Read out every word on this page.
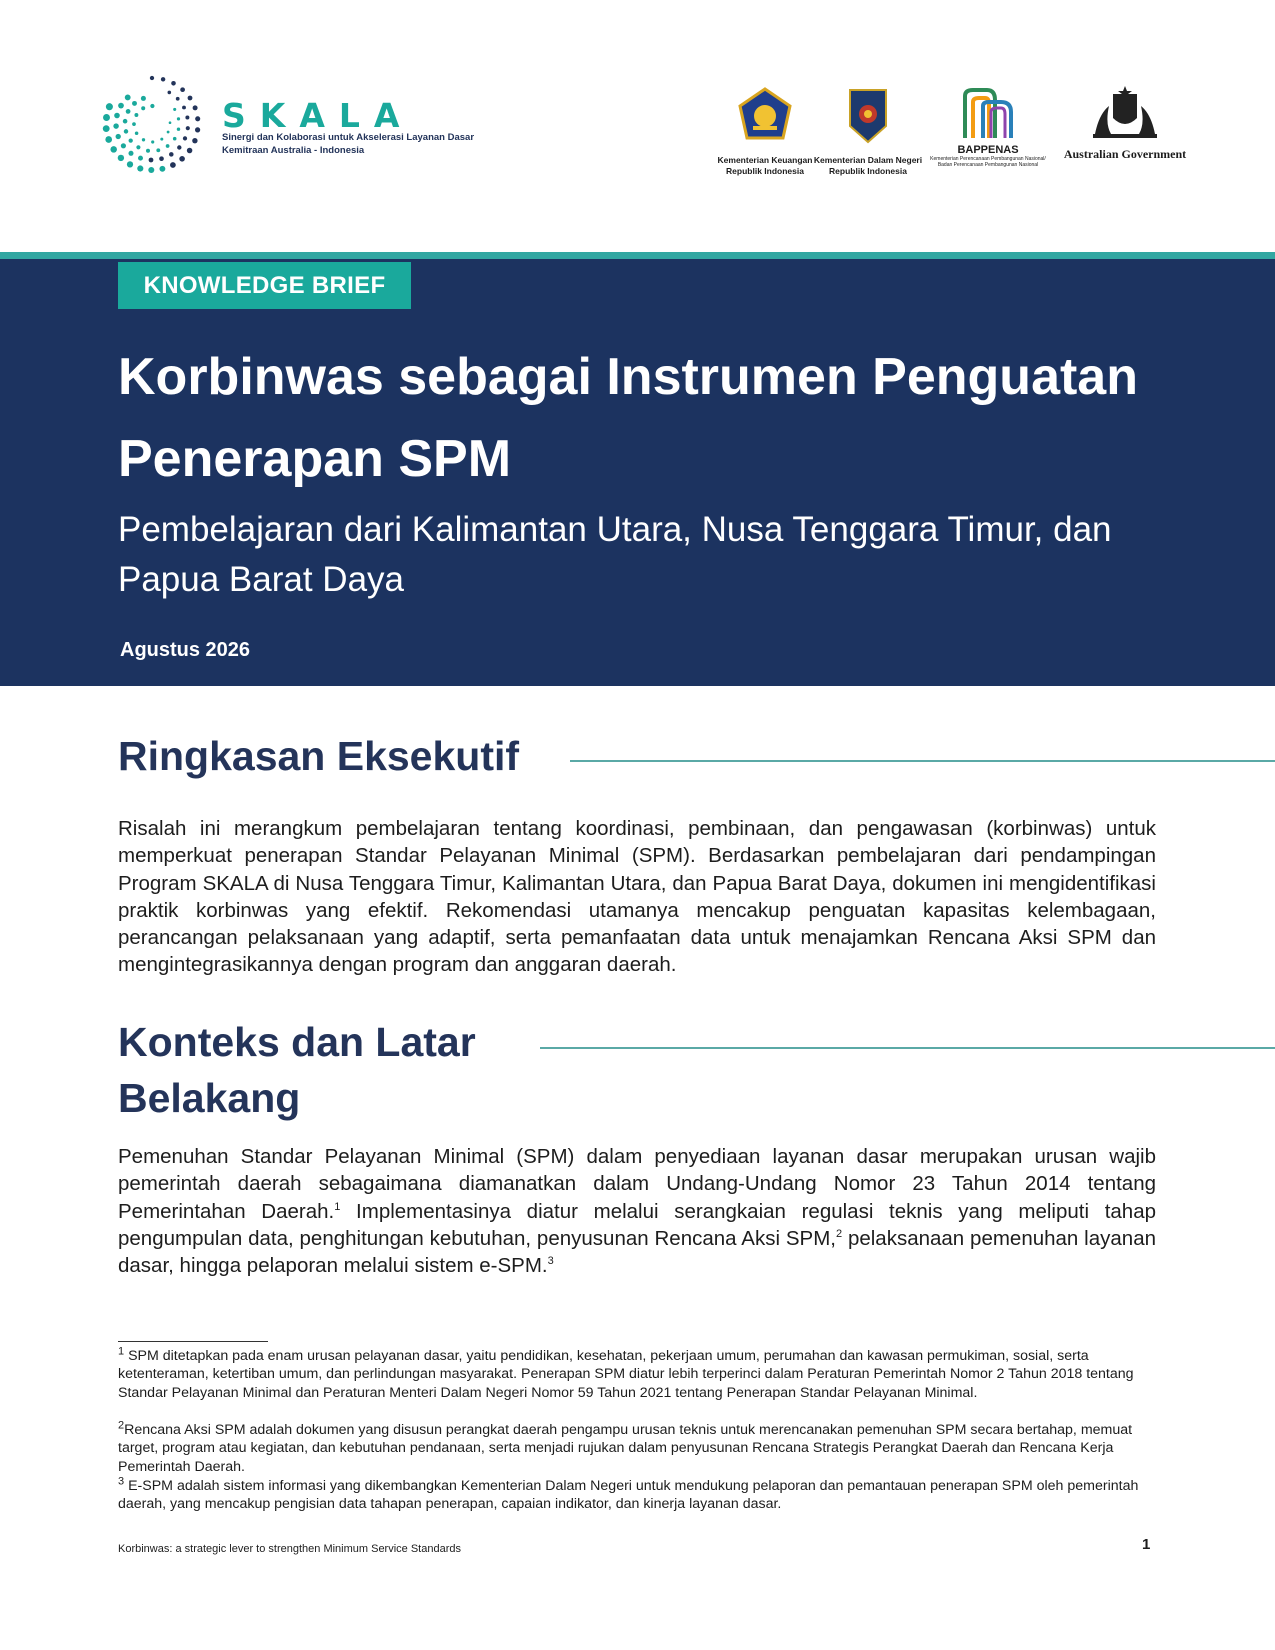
SKALA
Sinergi dan Kolaborasi untuk Akselerasi Layanan Dasar
Kemitraan Australia - Indonesia
Kementerian Keuangan
Republik Indonesia
Kementerian Dalam Negeri
Republik Indonesia
BAPPENAS
Kementerian Perencanaan Pembangunan Nasional/
Badan Perencanaan Pembangunan Nasional
Australian Government
KNOWLEDGE BRIEF
Korbinwas sebagai Instrumen Penguatan Penerapan SPM

Pembelajaran dari Kalimantan Utara, Nusa Tenggara Timur, dan Papua Barat Daya

Agustus 2026
Ringkasan Eksekutif

Risalah ini merangkum pembelajaran tentang koordinasi, pembinaan, dan pengawasan (korbinwas) untuk memperkuat penerapan Standar Pelayanan Minimal (SPM). Berdasarkan pembelajaran dari pendampingan Program SKALA di Nusa Tenggara Timur, Kalimantan Utara, dan Papua Barat Daya, dokumen ini mengidentifikasi praktik korbinwas yang efektif. Rekomendasi utamanya mencakup penguatan kapasitas kelembagaan, perancangan pelaksanaan yang adaptif, serta pemanfaatan data untuk menajamkan Rencana Aksi SPM dan mengintegrasikannya dengan program dan anggaran daerah.

Konteks dan Latar
Belakang

Pemenuhan Standar Pelayanan Minimal (SPM) dalam penyediaan layanan dasar merupakan urusan wajib pemerintah daerah sebagaimana diamanatkan dalam Undang-Undang Nomor 23 Tahun 2014 tentang Pemerintahan Daerah.$^1$ Implementasinya diatur melalui serangkaian regulasi teknis yang meliputi tahap pengumpulan data, penghitungan kebutuhan, penyusunan Rencana Aksi SPM,$^2$ pelaksanaan pemenuhan layanan dasar, hingga pelaporan melalui sistem e-SPM.$^3$

$^1$ SPM ditetapkan pada enam urusan pelayanan dasar, yaitu pendidikan, kesehatan, pekerjaan umum, perumahan dan kawasan permukiman, sosial, serta ketenteraman, ketertiban umum, dan perlindungan masyarakat. Penerapan SPM diatur lebih terperinci dalam Peraturan Pemerintah Nomor 2 Tahun 2018 tentang Standar Pelayanan Minimal dan Peraturan Menteri Dalam Negeri Nomor 59 Tahun 2021 tentang Penerapan Standar Pelayanan Minimal.

$^2$Rencana Aksi SPM adalah dokumen yang disusun perangkat daerah pengampu urusan teknis untuk merencanakan pemenuhan SPM secara bertahap, memuat target, program atau kegiatan, dan kebutuhan pendanaan, serta menjadi rujukan dalam penyusunan Rencana Strategis Perangkat Daerah dan Rencana Kerja Pemerintah Daerah.

$^3$ E-SPM adalah sistem informasi yang dikembangkan Kementerian Dalam Negeri untuk mendukung pelaporan dan pemantauan penerapan SPM oleh pemerintah daerah, yang mencakup pengisian data tahapan penerapan, capaian indikator, dan kinerja layanan dasar.

Korbinwas: a strategic lever to strengthen Minimum Service Standards	1
